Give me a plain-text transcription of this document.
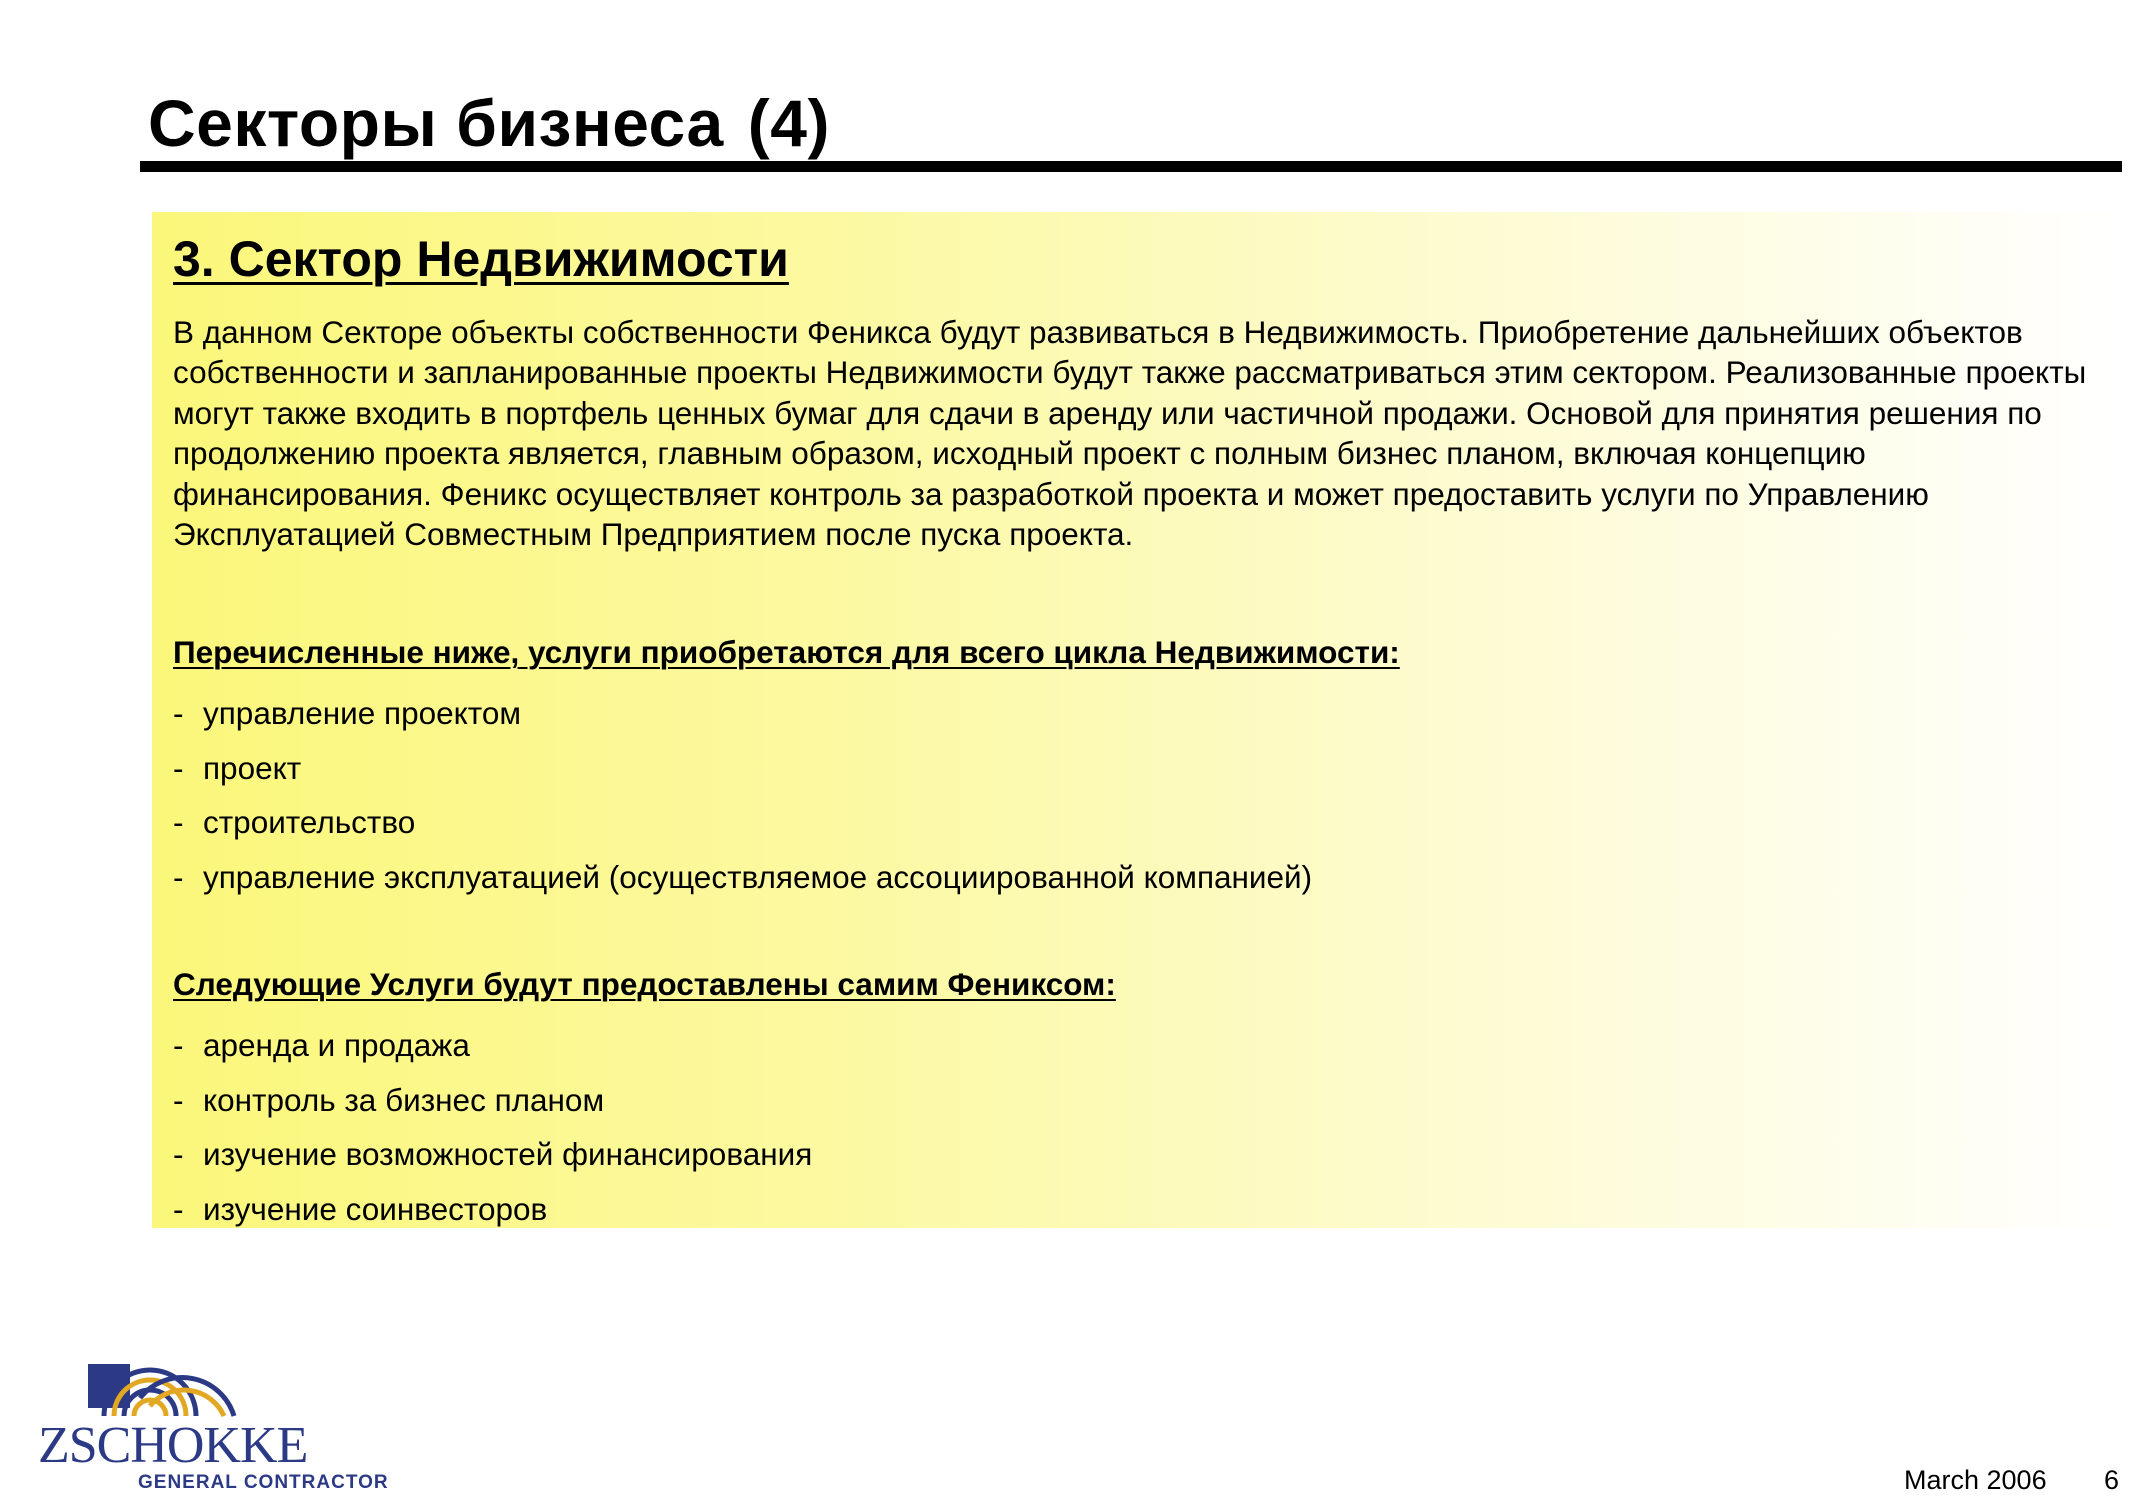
Секторы бизнеса (4)
3. Сектор Недвижимости

В данном Секторе объекты собственности Феникса будут развиваться в Недвижимость. Приобретение дальнейших объектов собственности и запланированные проекты Недвижимости будут также рассматриваться этим сектором. Реализованные проекты могут также входить в портфель ценных бумаг для сдачи в аренду или частичной продажи. Основой для принятия решения по продолжению проекта является, главным образом, исходный проект с полным бизнес планом, включая концепцию финансирования. Феникс осуществляет контроль за разработкой проекта и может предоставить услуги по Управлению Эксплуатацией Совместным Предприятием после пуска проекта.

Перечисленные ниже, услуги приобретаются для всего цикла Недвижимости:
- управление проектом
- проект
- строительство
- управление эксплуатацией (осуществляемое ассоциированной компанией)
Следующие Услуги будут предоставлены самим Фениксом:
- аренда и продажа
- контроль за бизнес планом
- изучение возможностей финансирования
- изучение соинвесторов
ZSCHOKKE
GENERAL CONTRACTOR	March 2006 6
